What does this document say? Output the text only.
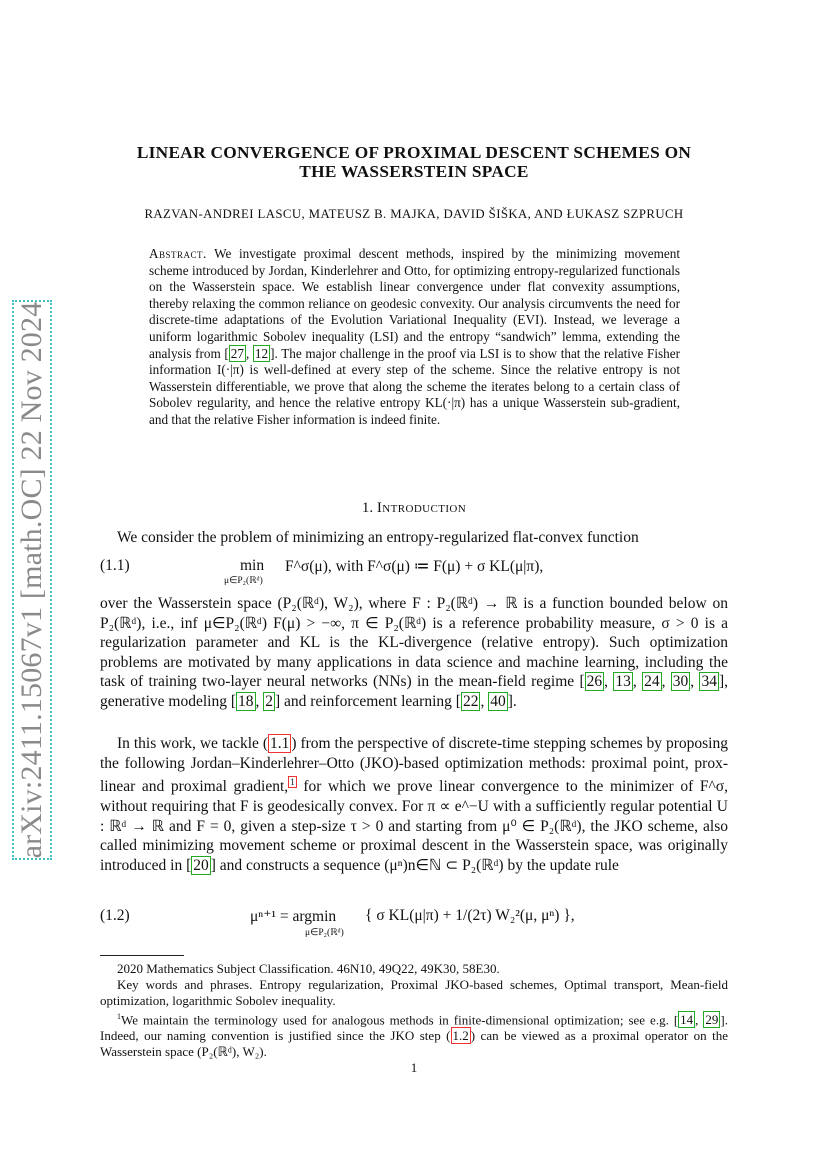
arXiv:2411.15067v1 [math.OC] 22 Nov 2024
LINEAR CONVERGENCE OF PROXIMAL DESCENT SCHEMES ON
THE WASSERSTEIN SPACE
RAZVAN-ANDREI LASCU, MATEUSZ B. MAJKA, DAVID ŠIŠKA, AND ŁUKASZ SZPRUCH
Abstract. We investigate proximal descent methods, inspired by the minimizing movement scheme introduced by Jordan, Kinderlehrer and Otto, for optimizing entropy-regularized functionals on the Wasserstein space. We establish linear convergence under flat convexity assumptions, thereby relaxing the common reliance on geodesic convexity. Our analysis circumvents the need for discrete-time adaptations of the Evolution Variational Inequality (EVI). Instead, we leverage a uniform logarithmic Sobolev inequality (LSI) and the entropy “sandwich” lemma, extending the analysis from [ 27 , 12 ]. The major challenge in the proof via LSI is to show that the relative Fisher information I(·|π) is well-defined at every step of the scheme. Since the relative entropy is not Wasserstein differentiable, we prove that along the scheme the iterates belong to a certain class of Sobolev regularity, and hence the relative entropy KL(·|π) has a unique Wasserstein sub-gradient, and that the relative Fisher information is indeed finite.
1. Introduction
We consider the problem of minimizing an entropy-regularized flat-convex function
(1.1)	min
μ∈P₂(ℝᵈ)
F^σ(μ), with F^σ(μ) ≔ F(μ) + σ KL(μ|π),
over the Wasserstein space (P₂(ℝᵈ), W₂), where F : P₂(ℝᵈ) → ℝ is a function bounded below on P₂(ℝᵈ), i.e., inf μ∈P₂(ℝᵈ) F(μ) > −∞, π ∈ P₂(ℝᵈ) is a reference probability measure, σ > 0 is a regularization parameter and KL is the KL-divergence (relative entropy). Such optimization problems are motivated by many applications in data science and machine learning, including the task of training two-layer neural networks (NNs) in the mean-field regime [ 26 , 13 , 24 , 30 , 34 ], generative modeling [ 18 , 2 ] and reinforcement learning [ 22 , 40 ].
In this work, we tackle ( 1.1 ) from the perspective of discrete-time stepping schemes by proposing the following Jordan–Kinderlehrer–Otto (JKO)-based optimization methods: proximal point, prox-linear and proximal gradient, $^1$ for which we prove linear convergence to the minimizer of F^σ, without requiring that F is geodesically convex. For π ∝ e^−U with a sufficiently regular potential U : ℝᵈ → ℝ and F = 0, given a step-size τ > 0 and starting from μ⁰ ∈ P₂(ℝᵈ), the JKO scheme, also called minimizing movement scheme or proximal descent in the Wasserstein space, was originally introduced in [ 20 ] and constructs a sequence (μⁿ)n∈ℕ ⊂ P₂(ℝᵈ) by the update rule
(1.2)	μⁿ⁺¹ = argmin
μ∈P₂(ℝᵈ)
{ σ KL(μ|π) + 1/(2τ) W₂²(μ, μⁿ) },
2020 Mathematics Subject Classification. 46N10, 49Q22, 49K30, 58E30.
Key words and phrases. Entropy regularization, Proximal JKO-based schemes, Optimal transport, Mean-field optimization, logarithmic Sobolev inequality.
$^1$We maintain the terminology used for analogous methods in finite-dimensional optimization; see e.g. [ 14 , 29 ]. Indeed, our naming convention is justified since the JKO step ( 1.2 ) can be viewed as a proximal operator on the Wasserstein space (P₂(ℝᵈ), W₂).
1
